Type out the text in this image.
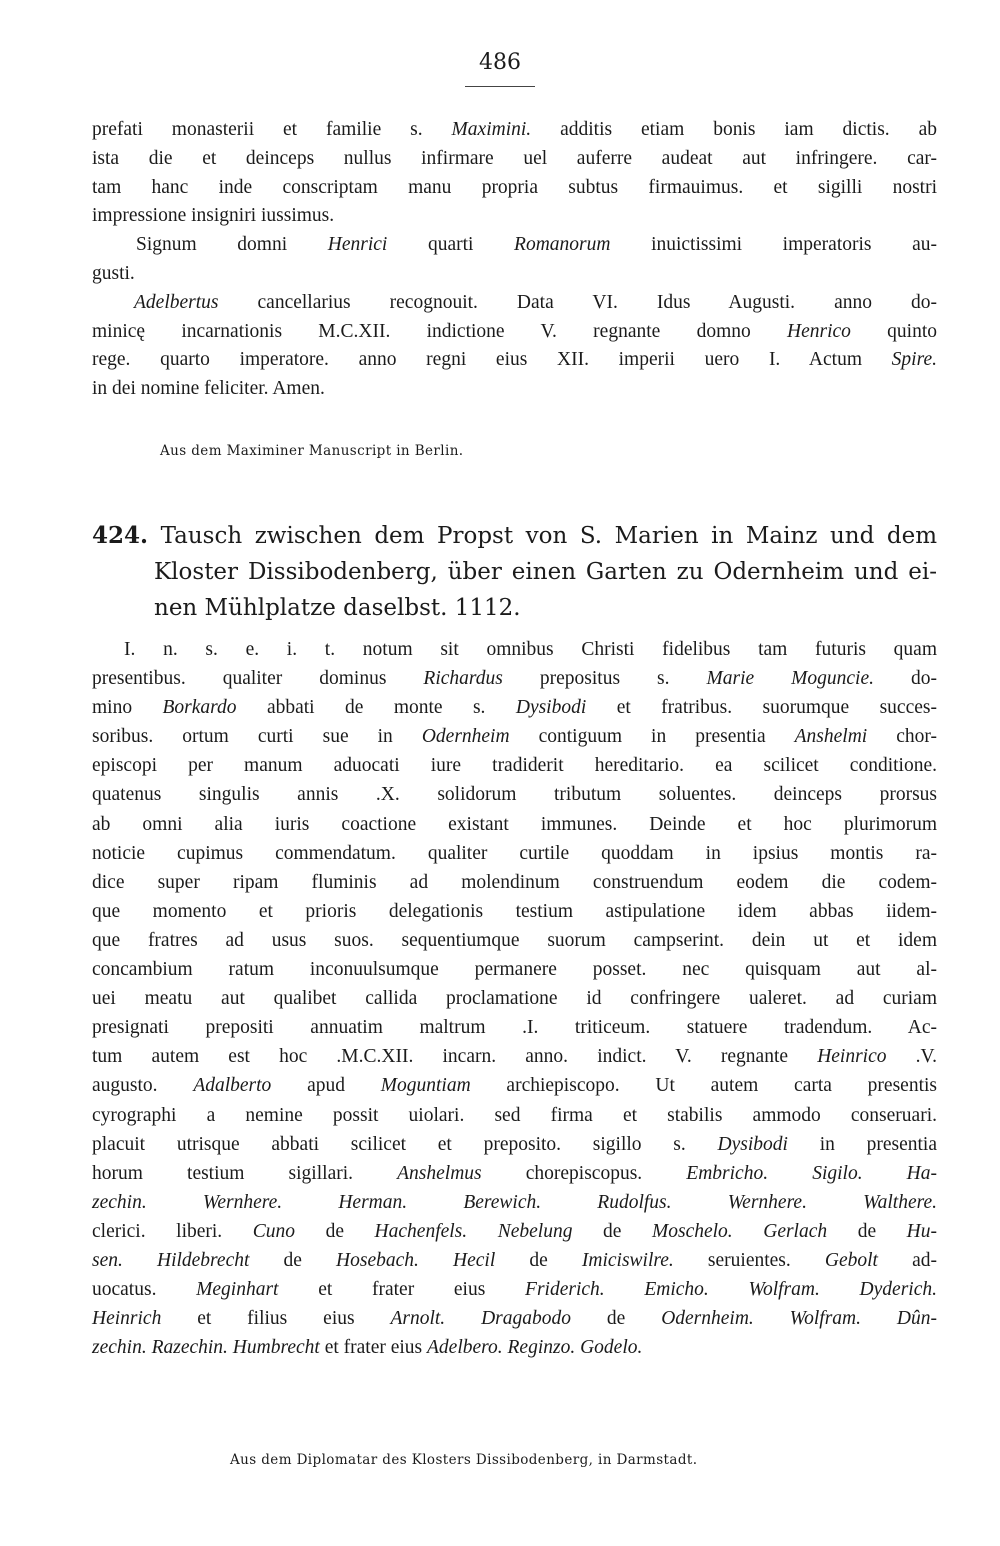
486
prefati monasterii et familie s. Maximini. additis etiam bonis iam dictis. ab
ista die et deinceps nullus infirmare uel auferre audeat aut infringere. car-
tam hanc inde conscriptam manu propria subtus firmauimus. et sigilli nostri
impressione insigniri iussimus.
Signum domni Henrici quarti Romanorum inuictissimi imperatoris au-
gusti.
Adelbertus cancellarius recognouit. Data VI. Idus Augusti. anno do-
minicę incarnationis M.C.XII. indictione V. regnante domno Henrico quinto
rege. quarto imperatore. anno regni eius XII. imperii uero I. Actum Spire.
in dei nomine feliciter. Amen.
Aus dem Maximiner Manuscript in Berlin.
424. Tausch zwischen dem Propst von S. Marien in Mainz und dem
Kloster Dissibodenberg, über einen Garten zu Odernheim und ei-
nen Mühlplatze daselbst. 1112.
I. n. s. e. i. t. notum sit omnibus Christi fidelibus tam futuris quam
presentibus. qualiter dominus Richardus prepositus s. Marie Moguncie. do-
mino Borkardo abbati de monte s. Dysibodi et fratribus. suorumque succes-
soribus. ortum curti sue in Odernheim contiguum in presentia Anshelmi chor-
episcopi per manum aduocati iure tradiderit hereditario. ea scilicet conditione.
quatenus singulis annis .X. solidorum tributum soluentes. deinceps prorsus
ab omni alia iuris coactione existant immunes. Deinde et hoc plurimorum
noticie cupimus commendatum. qualiter curtile quoddam in ipsius montis ra-
dice super ripam fluminis ad molendinum construendum eodem die codem-
que momento et prioris delegationis testium astipulatione idem abbas iidem-
que fratres ad usus suos. sequentiumque suorum campserint. dein ut et idem
concambium ratum inconuulsumque permanere posset. nec quisquam aut al-
uei meatu aut qualibet callida proclamatione id confringere ualeret. ad curiam
presignati prepositi annuatim maltrum .I. triticeum. statuere tradendum. Ac-
tum autem est hoc .M.C.XII. incarn. anno. indict. V. regnante Heinrico .V.
augusto. Adalberto apud Moguntiam archiepiscopo. Ut autem carta presentis
cyrographi a nemine possit uiolari. sed firma et stabilis ammodo conseruari.
placuit utrisque abbati scilicet et preposito. sigillo s. Dysibodi in presentia
horum testium sigillari. Anshelmus chorepiscopus. Embricho. Sigilo. Ha-
zechin. Wernhere. Herman. Berewich. Rudolfus. Wernhere. Walthere.
clerici. liberi. Cuno de Hachenfels. Nebelung de Moschelo. Gerlach de Hu-
sen. Hildebrecht de Hosebach. Hecil de Imiciswilre. seruientes. Gebolt ad-
uocatus. Meginhart et frater eius Friderich. Emicho. Wolfram. Dyderich.
Heinrich et filius eius Arnolt. Dragabodo de Odernheim. Wolfram. Dûn-
zechin. Razechin. Humbrecht et frater eius Adelbero. Reginzo. Godelo.
Aus dem Diplomatar des Klosters Dissibodenberg, in Darmstadt.
